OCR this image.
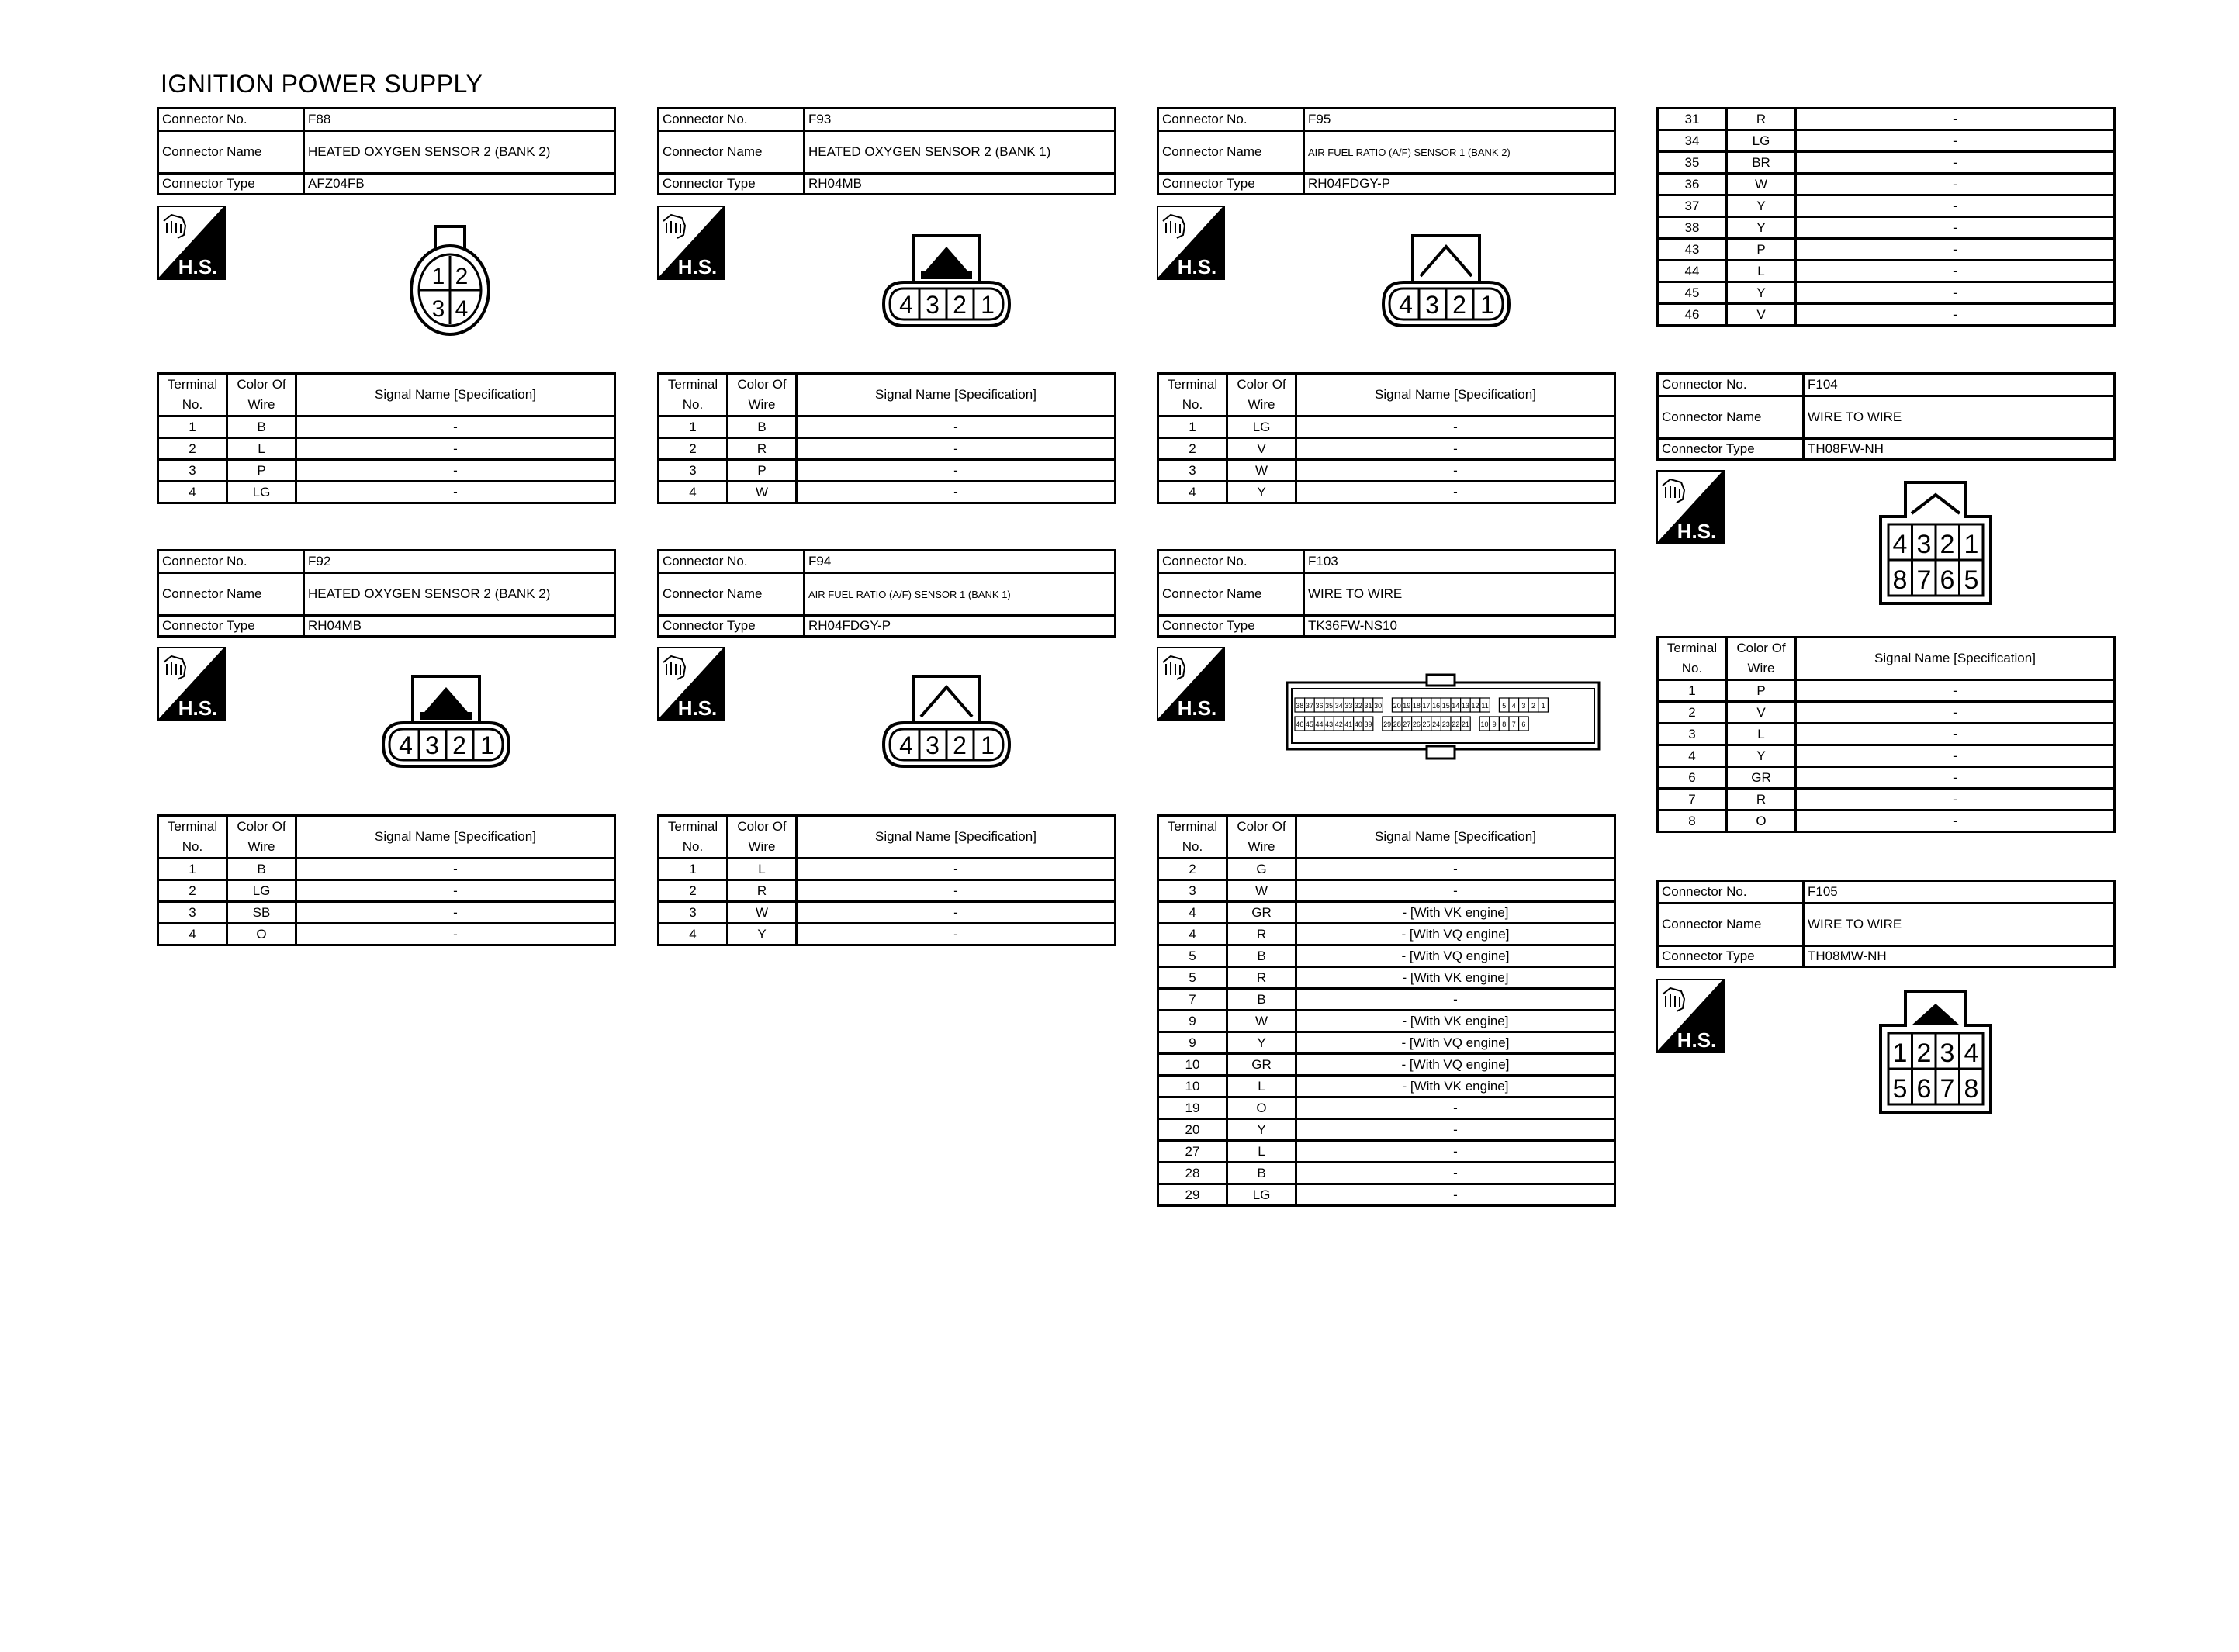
IGNITION POWER SUPPLY
Connector No.	F88
Connector Name	HEATED OXYGEN SENSOR 2 (BANK 2)
Connector Type	AFZ04FB
Connector No.	F93
Connector Name	HEATED OXYGEN SENSOR 2 (BANK 1)
Connector Type	RH04MB
Connector No.	F95
Connector Name	AIR FUEL RATIO (A/F) SENSOR 1 (BANK 2)
Connector Type	RH04FDGY-P
Connector No.	F92
Connector Name	HEATED OXYGEN SENSOR 2 (BANK 2)
Connector Type	RH04MB
Connector No.	F94
Connector Name	AIR FUEL RATIO (A/F) SENSOR 1 (BANK 1)
Connector Type	RH04FDGY-P
Connector No.	F103
Connector Name	WIRE TO WIRE
Connector Type	TK36FW-NS10
Connector No.	F104
Connector Name	WIRE TO WIRE
Connector Type	TH08FW-NH
Connector No.	F105
Connector Name	WIRE TO WIRE
Connector Type	TH08MW-NH
H.S.	H.S.	H.S.
H.S.	H.S.	H.S.
H.S.
H.S.
1 2
3 4	4 3 2 1	4 3 2 1
4 3 2 1	4 3 2 1
38 37 36 35 34 33 32 31 30 20 19 18 17 16 15 14 13 12 11 5 4 3 2 1
46 45 44 43 42 41 40 39 29 28 27 26 25 24 23 22 21 10 9 8 7 6
4 3 2 1
8 7 6 5
1 2 3 4
5 6 7 8
Terminal No.	Color Of Wire	Signal Name [Specification]
1	B	-
2	L	-
3	P	-
4	LG	-
Terminal No.	Color Of Wire	Signal Name [Specification]
1	B	-
2	R	-
3	P	-
4	W	-
Terminal No.	Color Of Wire	Signal Name [Specification]
1	LG	-
2	V	-
3	W	-
4	Y	-
Terminal No.	Color Of Wire	Signal Name [Specification]
1	B	-
2	LG	-
3	SB	-
4	O	-
Terminal No.	Color Of Wire	Signal Name [Specification]
1	L	-
2	R	-
3	W	-
4	Y	-
Terminal No.	Color Of Wire	Signal Name [Specification]
2	G	-
3	W	-
4	GR	- [With VK engine]
4	R	- [With VQ engine]
5	B	- [With VQ engine]
5	R	- [With VK engine]
7	B	-
9	W	- [With VK engine]
9	Y	- [With VQ engine]
10	GR	- [With VQ engine]
10	L	- [With VK engine]
19	O	-
20	Y	-
27	L	-
28	B	-
29	LG	-
31	R	-
34	LG	-
35	BR	-
36	W	-
37	Y	-
38	Y	-
43	P	-
44	L	-
45	Y	-
46	V	-
Terminal No.	Color Of Wire	Signal Name [Specification]
1	P	-
2	V	-
3	L	-
4	Y	-
6	GR	-
7	R	-
8	O	-
